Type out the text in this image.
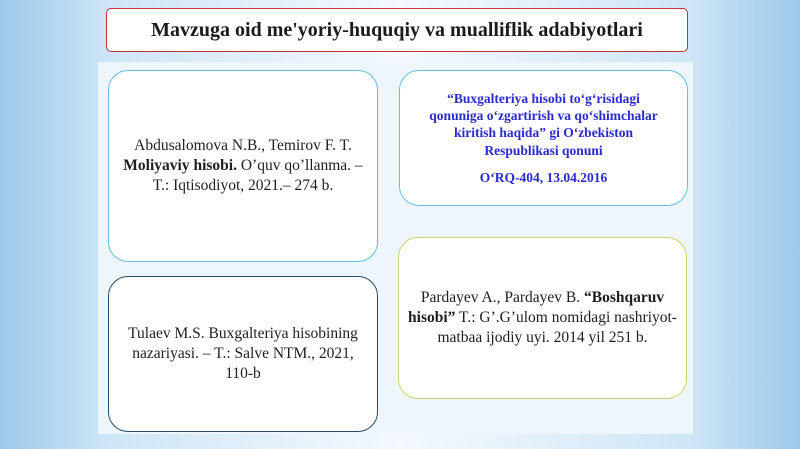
Mavzuga oid me'yoriy-huquqiy va mualliflik adabiyotlari
Abdusalomova N.B., Temirov F. T.
Moliyaviy hisobi. O’quv qo’llanma. –T.: Iqtisodiyot, 2021.– 274 b.
“Buxgalteriya hisobi to‘g‘risidagi qonuniga o‘zgartirish va qo‘shimchalar kiritish haqida” gi O‘zbekiston Respublikasi qonuni
O‘RQ-404, 13.04.2016
Tulaev M.S. Buxgalteriya hisobining nazariyasi. – T.: Salve NTM., 2021, 110-b
Pardayev A., Pardayev B. “Boshqaruv hisobi” T.: G’.G’ulom nomidagi nashriyot-matbaa ijodiy uyi. 2014 yil 251 b.
